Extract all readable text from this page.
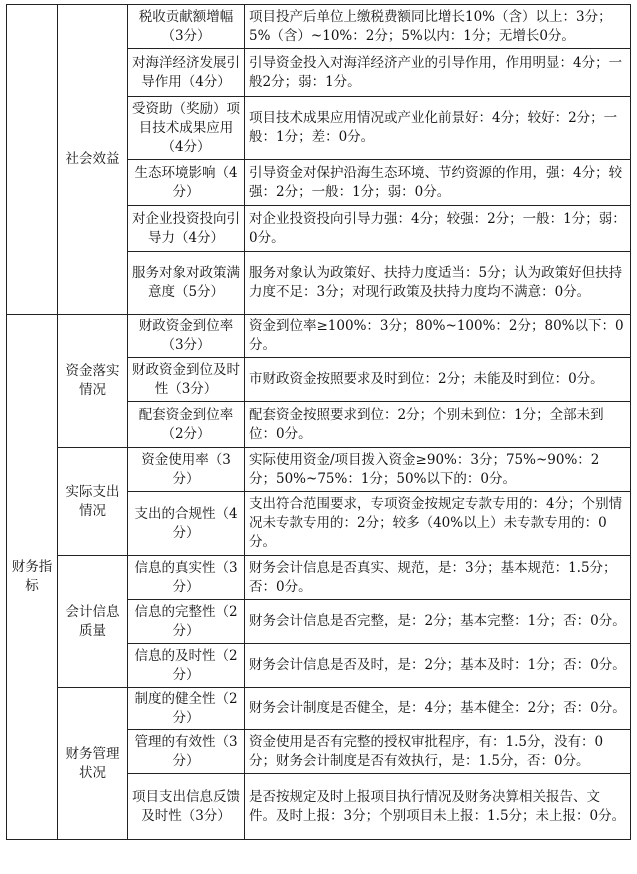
	社会效益	税收贡献额增幅（3分）	项目投产后单位上缴税费额同比增长10%（含）以上：3分；5%（含）~10%：2分；5%以内：1分；无增长0分。
		对海洋经济发展引导作用（4分）	引导资金投入对海洋经济产业的引导作用，作用明显：4分；一般2分；弱：1分。
		受资助（奖励）项目技术成果应用（4分）	项目技术成果应用情况或产业化前景好：4分；较好：2分；一般：1分；差：0分。
		生态环境影响（4分）	引导资金对保护沿海生态环境、节约资源的作用，强：4分；较强：2分；一般：1分；弱：0分。
		对企业投资投向引导力（4分）	对企业投资投向引导力强：4分；较强：2分；一般：1分；弱：0分。
		服务对象对政策满意度（5分）	服务对象认为政策好、扶持力度适当：5分；认为政策好但扶持力度不足：3分；对现行政策及扶持力度均不满意：0分。
财务指标	资金落实情况	财政资金到位率（3分）	资金到位率≥100%：3分；80%~100%：2分；80%以下：0分。
		财政资金到位及时性（3分）	市财政资金按照要求及时到位：2分；未能及时到位：0分。
		配套资金到位率（2分）	配套资金按照要求到位：2分；个别未到位：1分；全部未到位：0分。
	实际支出情况	资金使用率（3分）	实际使用资金/项目拨入资金≥90%：3分；75%~90%：2分；50%~75%：1分；50%以下的：0分。
		支出的合规性（4分）	支出符合范围要求，专项资金按规定专款专用的：4分；个别情况未专款专用的：2分；较多（40%以上）未专款专用的：0分。
	会计信息质量	信息的真实性（3分）	财务会计信息是否真实、规范，是：3分；基本规范：1.5分；否：0分。
		信息的完整性（2分）	财务会计信息是否完整，是：2分；基本完整：1分；否：0分。
		信息的及时性（2分）	财务会计信息是否及时，是：2分；基本及时：1分；否：0分。
	财务管理状况	制度的健全性（2分）	财务会计制度是否健全，是：4分；基本健全：2分；否：0分。
		管理的有效性（3分）	资金使用是否有完整的授权审批程序，有：1.5分，没有：0分；财务会计制度是否有效执行，是：1.5分，否：0分。
		项目支出信息反馈及时性（3分）	是否按规定及时上报项目执行情况及财务决算相关报告、文件。及时上报：3分；个别项目未上报：1.5分；未上报：0分。
